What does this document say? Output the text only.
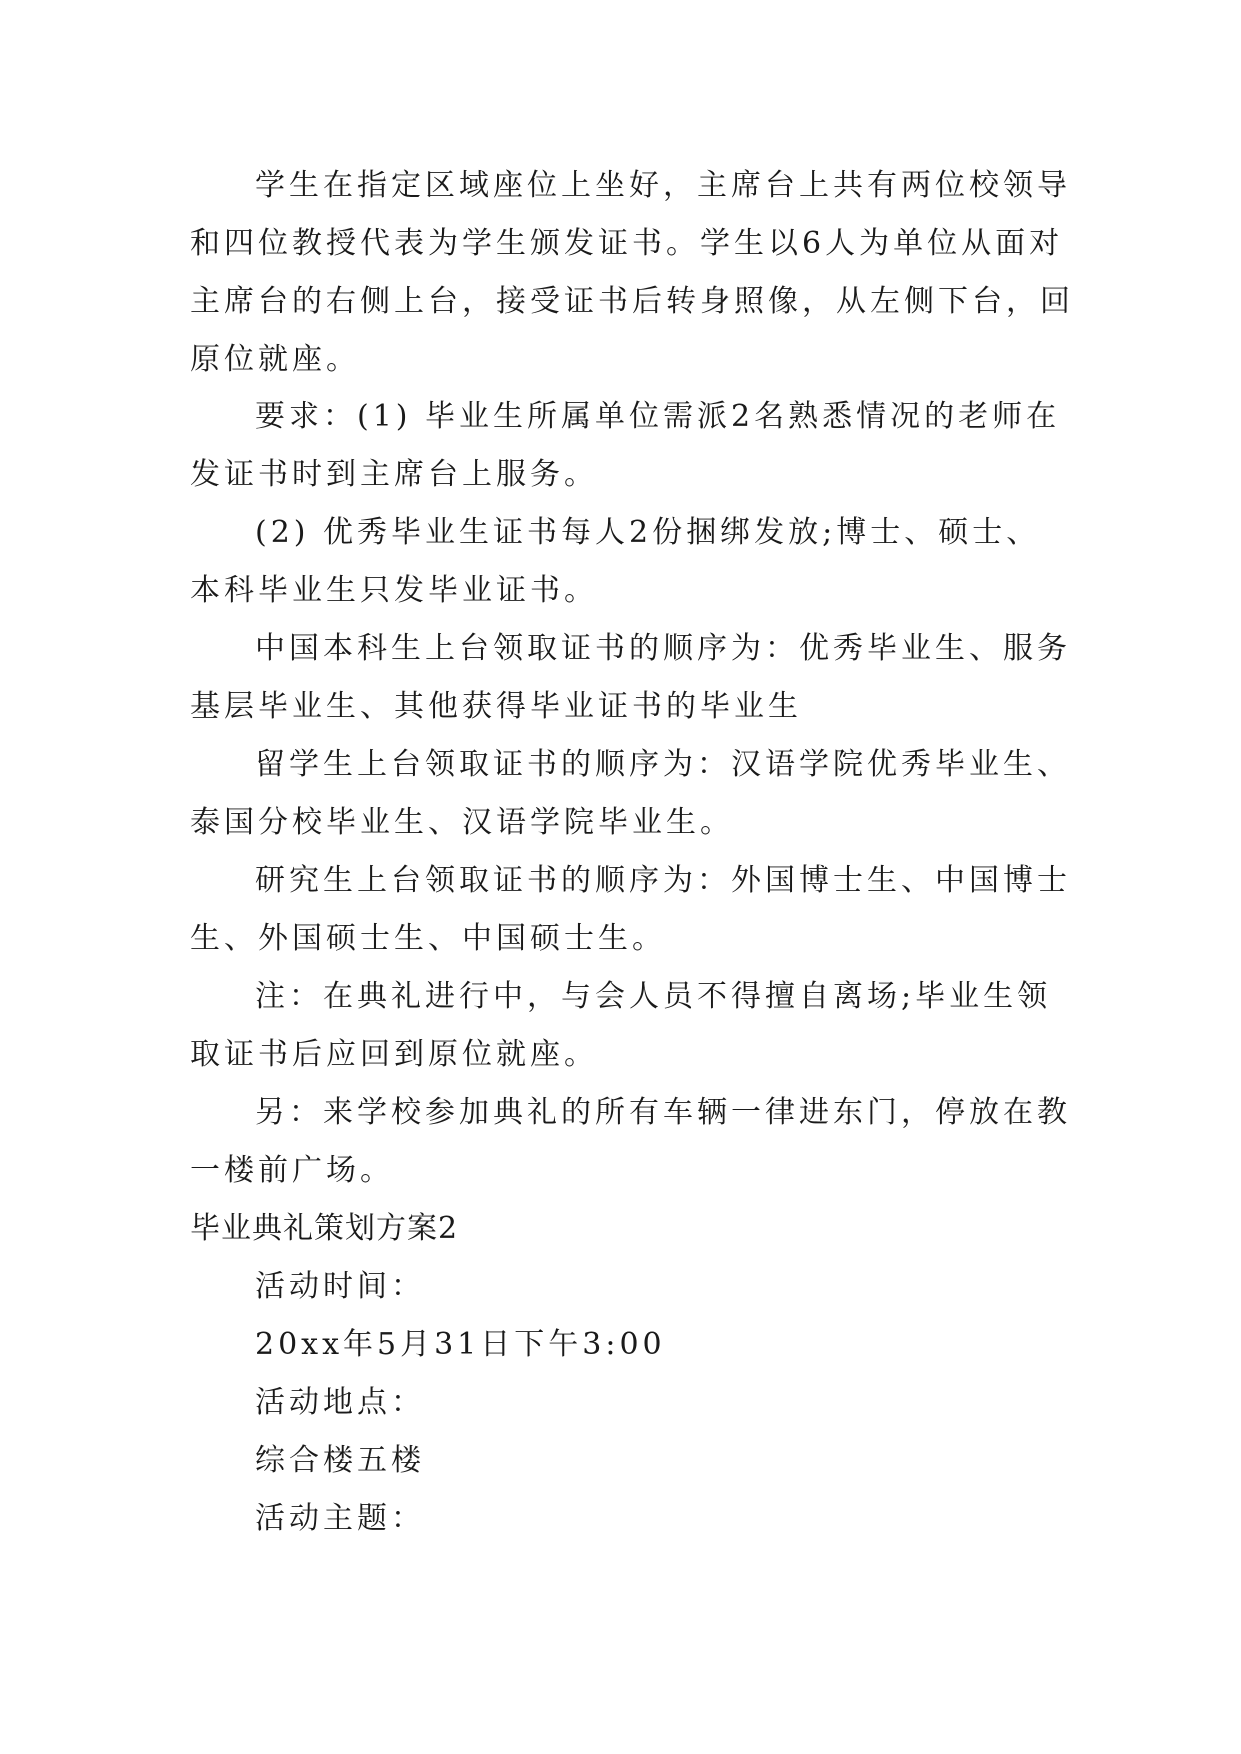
学生在指定区域座位上坐好，主席台上共有两位校领导
和四位教授代表为学生颁发证书。学生以6人为单位从面对
主席台的右侧上台，接受证书后转身照像，从左侧下台，回
原位就座。
要求：(1) 毕业生所属单位需派2名熟悉情况的老师在
发证书时到主席台上服务。
(2) 优秀毕业生证书每人2份捆绑发放;博士、硕士、
本科毕业生只发毕业证书。
中国本科生上台领取证书的顺序为：优秀毕业生、服务
基层毕业生、其他获得毕业证书的毕业生
留学生上台领取证书的顺序为：汉语学院优秀毕业生、
泰国分校毕业生、汉语学院毕业生。
研究生上台领取证书的顺序为：外国博士生、中国博士
生、外国硕士生、中国硕士生。
注：在典礼进行中，与会人员不得擅自离场;毕业生领
取证书后应回到原位就座。
另：来学校参加典礼的所有车辆一律进东门，停放在教
一楼前广场。
毕业典礼策划方案2
活动时间：
20xx年5月31日下午3:00
活动地点：
综合楼五楼
活动主题：
